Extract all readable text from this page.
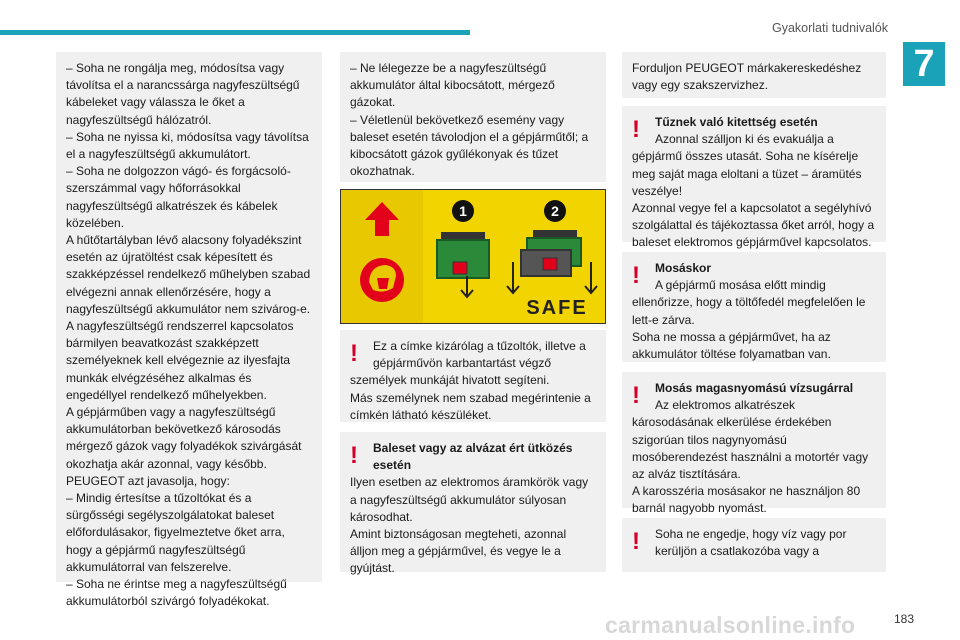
Gyakorlati tudnivalók
7

– Soha ne rongálja meg, módosítsa vagy távolítsa el a narancssárga nagyfeszültségű kábeleket vagy válassza le őket a nagyfeszültségű hálózatról.
– Soha ne nyissa ki, módosítsa vagy távolítsa el a nagyfeszültségű akkumulátort.
– Soha ne dolgozzon vágó- és forgácsoló-szerszámmal vagy hőforrásokkal nagyfeszültségű alkatrészek és kábelek közelében.
A hűtőtartályban lévő alacsony folyadékszint esetén az újratöltést csak képesített és szakképzéssel rendelkező műhelyben szabad elvégezni annak ellenőrzésére, hogy a nagyfeszültségű akkumulátor nem szivárog-e.
A nagyfeszültségű rendszerrel kapcsolatos bármilyen beavatkozást szakképzett személyeknek kell elvégeznie az ilyesfajta munkák elvégzéséhez alkalmas és engedéllyel rendelkező műhelyekben.
A gépjárműben vagy a nagyfeszültségű akkumulátorban bekövetkező károsodás mérgező gázok vagy folyadékok szivárgását okozhatja akár azonnal, vagy később.
PEUGEOT azt javasolja, hogy:
– Mindig értesítse a tűzoltókat és a sürgősségi segélyszolgálatokat baleset előfordulásakor, figyelmeztetve őket arra, hogy a gépjármű nagyfeszültségű akkumulátorral van felszerelve.
– Soha ne érintse meg a nagyfeszültségű akkumulátorból szivárgó folyadékokat.

– Ne lélegezze be a nagyfeszültségű akkumulátor által kibocsátott, mérgező gázokat.
– Véletlenül bekövetkező esemény vagy baleset esetén távolodjon el a gépjárműtől; a kibocsátott gázok gyűlékonyak és tűzet okozhatnak.

1	2
SAFE
!	Ez a címke kizárólag a tűzoltók, illetve a
gépjárművön karbantartást végző

személyek munkáját hivatott segíteni.
Más személynek nem szabad megérintenie a címkén látható készüléket.

!	Baleset vagy az alvázat ért ütközés esetén

Ilyen esetben az elektromos áramkörök vagy a nagyfeszültségű akkumulátor súlyosan károsodhat.
Amint biztonságosan megteheti, azonnal álljon meg a gépjárművel, és vegye le a gyújtást.

Forduljon PEUGEOT márkakereskedéshez vagy egy szakszervizhez.

!	Tűznek való kitettség esetén
Azonnal szálljon ki és evakuálja a

gépjármű összes utasát. Soha ne kísérelje meg saját maga eloltani a tüzet – áramütés veszélye!
Azonnal vegye fel a kapcsolatot a segélyhívó szolgálattal és tájékoztassa őket arról, hogy a baleset elektromos gépjárművel kapcsolatos.

!	Mosáskor
A gépjármű mosása előtt mindig

ellenőrizze, hogy a töltőfedél megfelelően le lett-e zárva.
Soha ne mossa a gépjárművet, ha az akkumulátor töltése folyamatban van.

!	Mosás magasnyomású vízsugárral
Az elektromos alkatrészek

károsodásának elkerülése érdekében szigorúan tilos nagynyomású mosóberendezést használni a motortér vagy az alváz tisztítására.
A karosszéria mosásakor ne használjon 80 barnál nagyobb nyomást.

!	Soha ne engedje, hogy víz vagy por
kerüljön a csatlakozóba vagy a
carmanualsonline.info	183
